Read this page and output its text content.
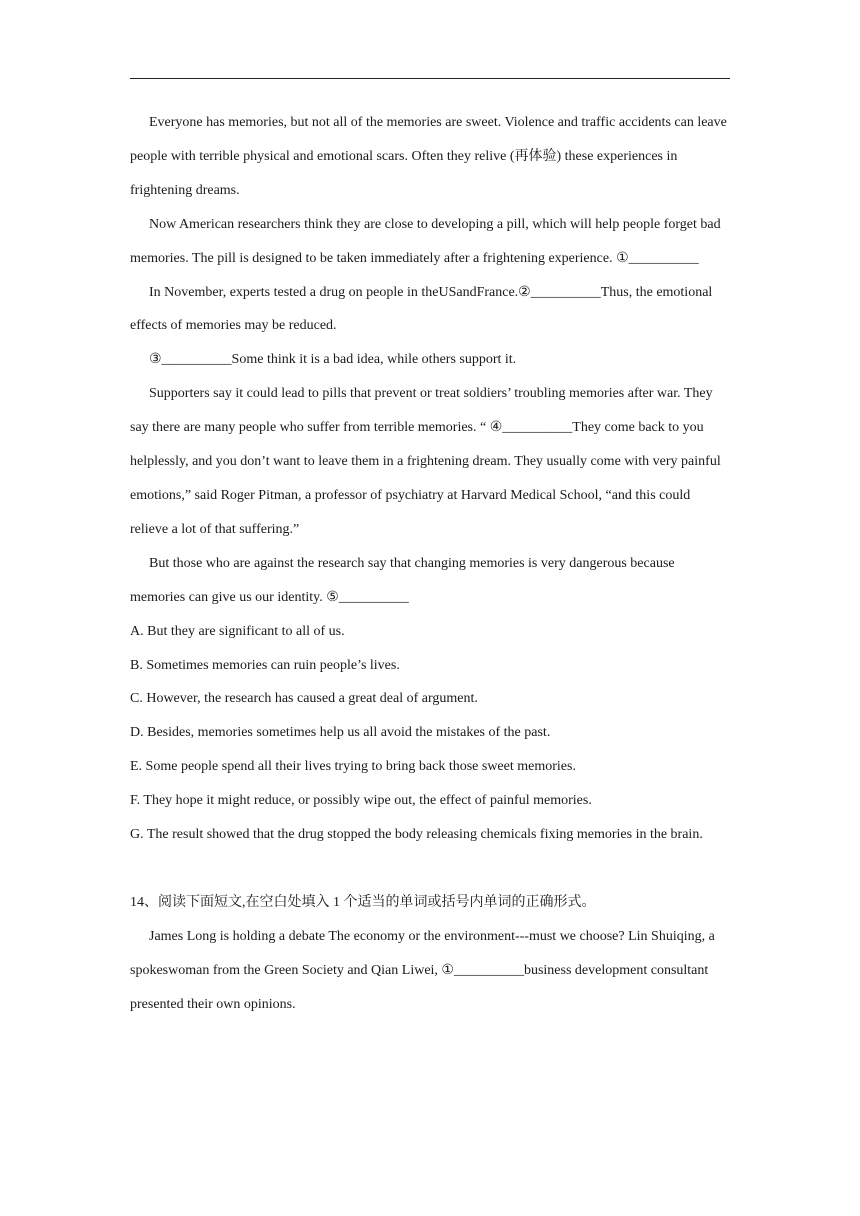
Everyone has memories, but not all of the memories are sweet. Violence and traffic accidents can leave people with terrible physical and emotional scars. Often they relive (再体验) these experiences in frightening dreams.

Now American researchers think they are close to developing a pill, which will help people forget bad memories. The pill is designed to be taken immediately after a frightening experience. ①__________

In November, experts tested a drug on people in theUSandFrance.②__________Thus, the emotional effects of memories may be reduced.

③__________Some think it is a bad idea, while others support it.

Supporters say it could lead to pills that prevent or treat soldiers’ troubling memories after war. They say there are many people who suffer from terrible memories. “ ④__________They come back to you helplessly, and you don’t want to leave them in a frightening dream. They usually come with very painful emotions,” said Roger Pitman, a professor of psychiatry at Harvard Medical School, “and this could relieve a lot of that suffering.”

But those who are against the research say that changing memories is very dangerous because memories can give us our identity. ⑤__________

A. But they are significant to all of us.

B. Sometimes memories can ruin people’s lives.

C. However, the research has caused a great deal of argument.

D. Besides, memories sometimes help us all avoid the mistakes of the past.

E. Some people spend all their lives trying to bring back those sweet memories.

F. They hope it might reduce, or possibly wipe out, the effect of painful memories.

G. The result showed that the drug stopped the body releasing chemicals fixing memories in the brain.

14、阅读下面短文,在空白处填入 1 个适当的单词或括号内单词的正确形式。

James Long is holding a debate The economy or the environment---must we choose? Lin Shuiqing, a spokeswoman from the Green Society and Qian Liwei, ①__________business development consultant presented their own opinions.
